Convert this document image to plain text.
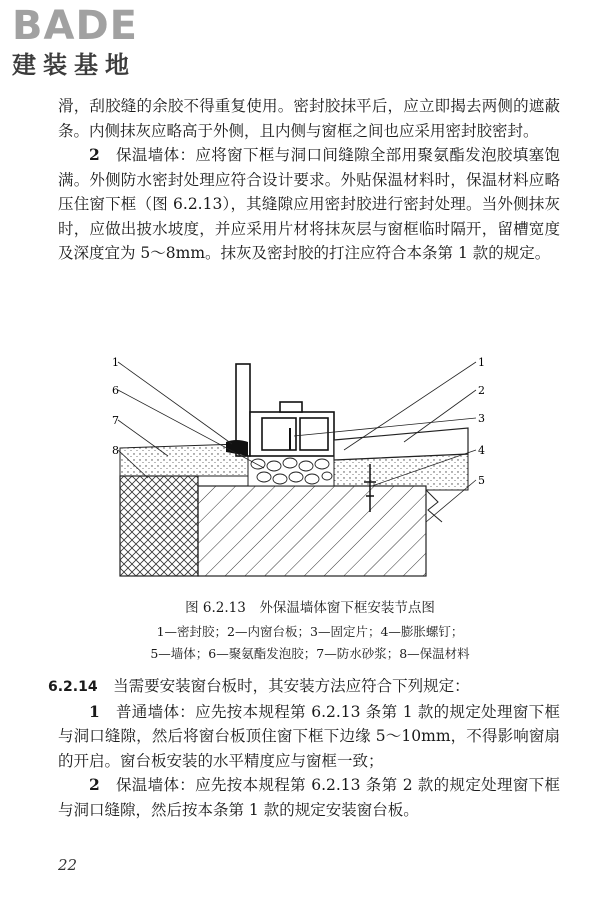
BADE
建装基地

滑，刮胶缝的余胶不得重复使用。密封胶抹平后，应立即揭去两侧的遮蔽条。内侧抹灰应略高于外侧，且内侧与窗框之间也应采用密封胶密封。

2　 保温墙体：应将窗下框与洞口间缝隙全部用聚氨酯发泡胶填塞饱满。外侧防水密封处理应符合设计要求。外贴保温材料时，保温材料应略压住窗下框（图 6.2.13），其缝隙应用密封胶进行密封处理。当外侧抹灰时，应做出披水坡度，并应采用片材将抹灰层与窗框临时隔开，留槽宽度及深度宜为 5～8mm。抹灰及密封胶的打注应符合本条第 1 款的规定。

1
6
7
8
1
2
3
4
5
图 6.2.13　外保温墙体窗下框安装节点图
1—密封胶；2—内窗台板；3—固定片；4—膨胀螺钉；
5—墙体；6—聚氨酯发泡胶；7—防水砂浆；8—保温材料

6.2.14　 当需要安装窗台板时，其安装方法应符合下列规定：

1　 普通墙体：应先按本规程第 6.2.13 条第 1 款的规定处理窗下框与洞口缝隙，然后将窗台板顶住窗下框下边缘 5～10mm，不得影响窗扇的开启。窗台板安装的水平精度应与窗框一致；

2　 保温墙体：应先按本规程第 6.2.13 条第 2 款的规定处理窗下框与洞口缝隙，然后按本条第 1 款的规定安装窗台板。

22
